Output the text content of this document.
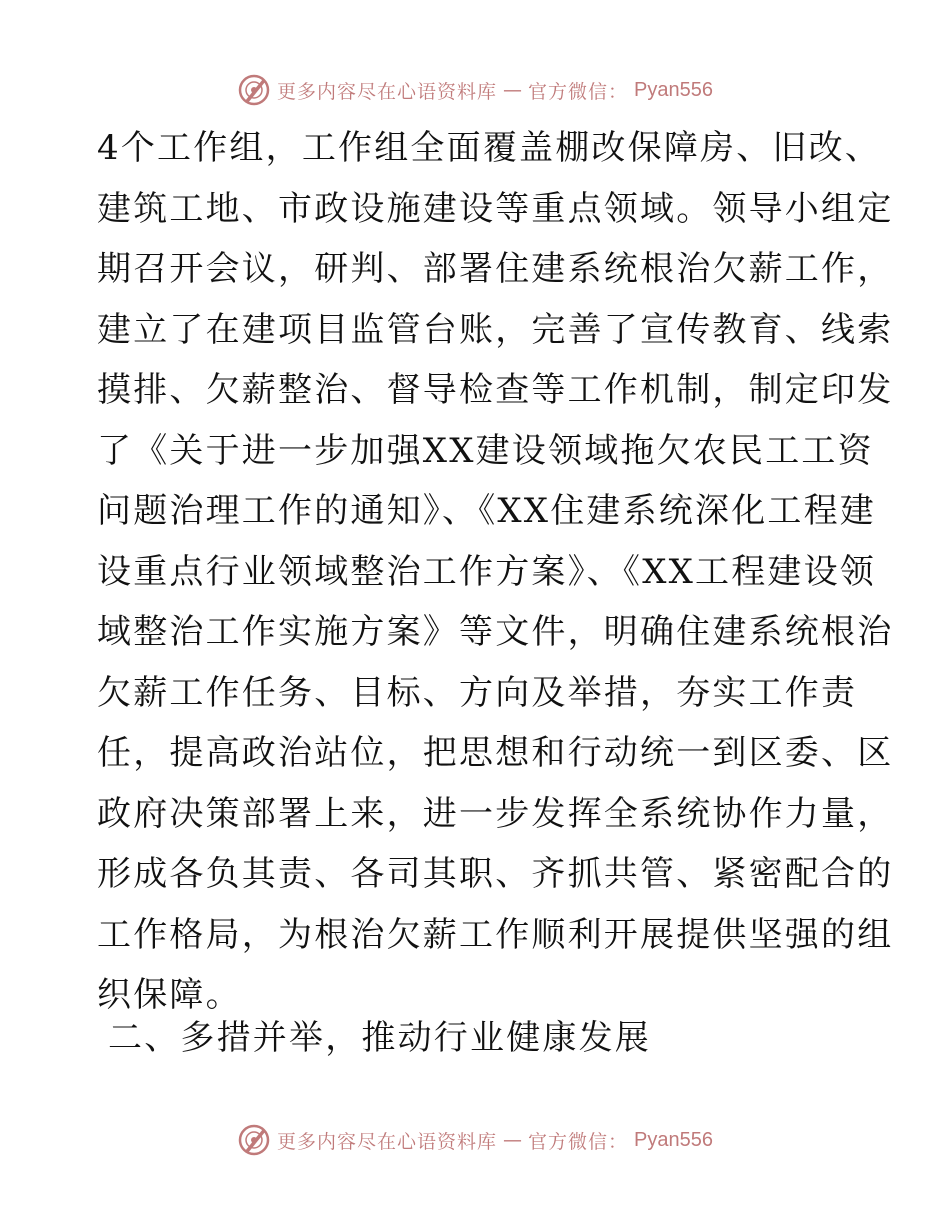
更多内容尽在心语资料库 — 官方微信： Pyan556
4个工作组，工作组全面覆盖棚改保障房、旧改、
建筑工地、市政设施建设等重点领域。领导小组定
期召开会议，研判、部署住建系统根治欠薪工作，
建立了在建项目监管台账，完善了宣传教育、线索
摸排、欠薪整治、督导检查等工作机制，制定印发
了《关于进一步加强XX建设领域拖欠农民工工资
问题治理工作的通知》、《XX住建系统深化工程建
设重点行业领域整治工作方案》、《XX工程建设领
域整治工作实施方案》等文件，明确住建系统根治
欠薪工作任务、目标、方向及举措，夯实工作责
任，提高政治站位，把思想和行动统一到区委、区
政府决策部署上来，进一步发挥全系统协作力量，
形成各负其责、各司其职、齐抓共管、紧密配合的
工作格局，为根治欠薪工作顺利开展提供坚强的组
织保障。
二、多措并举，推动行业健康发展
更多内容尽在心语资料库 — 官方微信： Pyan556
